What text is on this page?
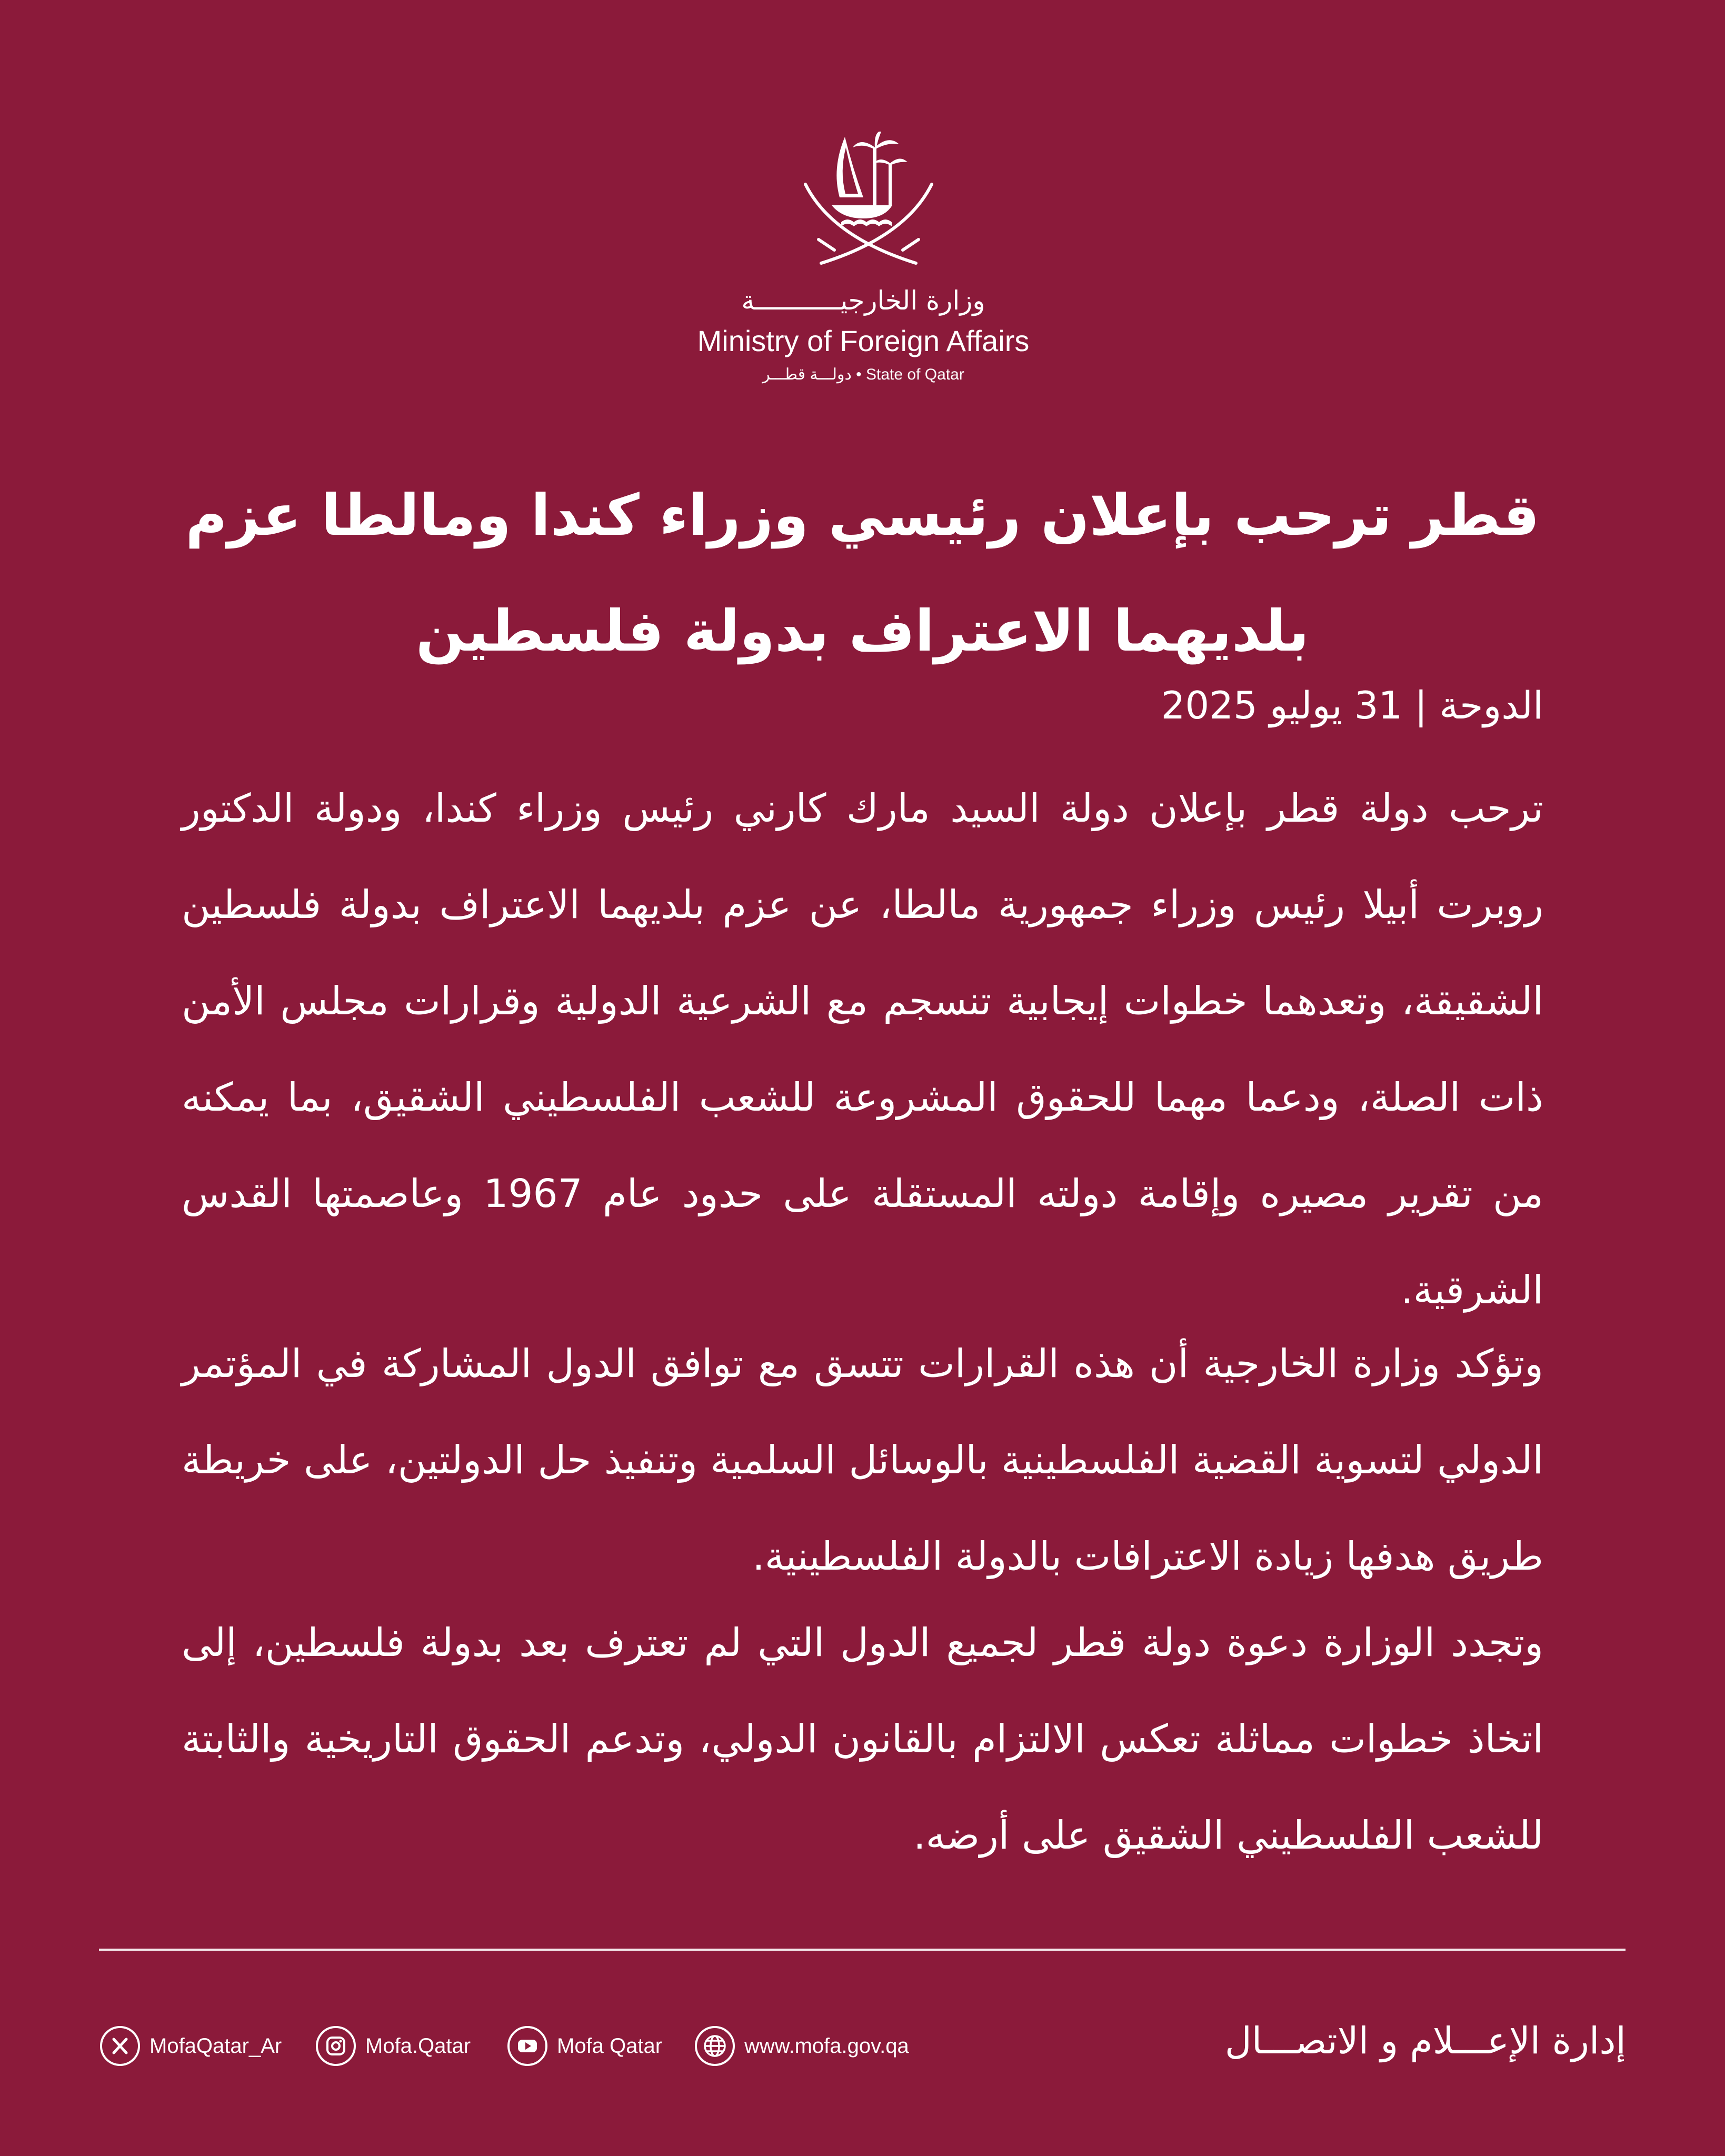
وزارة الخارجيـــــــــــة
Ministry of Foreign Affairs
State of Qatar • دولـــة قطـــر
قطر ترحب بإعلان رئيسي وزراء كندا ومالطا عزم
بلديهما الاعتراف بدولة فلسطين
الدوحة | 31 يوليو 2025
ترحب دولة قطر بإعلان دولة السيد مارك كارني رئيس وزراء كندا، ودولة الدكتور روبرت أبيلا رئيس وزراء جمهورية مالطا، عن عزم بلديهما الاعتراف بدولة فلسطين الشقيقة، وتعدهما خطوات إيجابية تنسجم مع الشرعية الدولية وقرارات مجلس الأمن ذات الصلة، ودعما مهما للحقوق المشروعة للشعب الفلسطيني الشقيق، بما يمكنه من تقرير مصيره وإقامة دولته المستقلة على حدود عام 1967 وعاصمتها القدس الشرقية.
وتؤكد وزارة الخارجية أن هذه القرارات تتسق مع توافق الدول المشاركة في المؤتمر الدولي لتسوية القضية الفلسطينية بالوسائل السلمية وتنفيذ حل الدولتين، على خريطة طريق هدفها زيادة الاعترافات بالدولة الفلسطينية.
وتجدد الوزارة دعوة دولة قطر لجميع الدول التي لم تعترف بعد بدولة فلسطين، إلى اتخاذ خطوات مماثلة تعكس الالتزام بالقانون الدولي، وتدعم الحقوق التاريخية والثابتة للشعب الفلسطيني الشقيق على أرضه.
إدارة الإعـــلام و الاتصـــال
MofaQatar_Ar	Mofa.Qatar	Mofa Qatar	www.mofa.gov.qa
